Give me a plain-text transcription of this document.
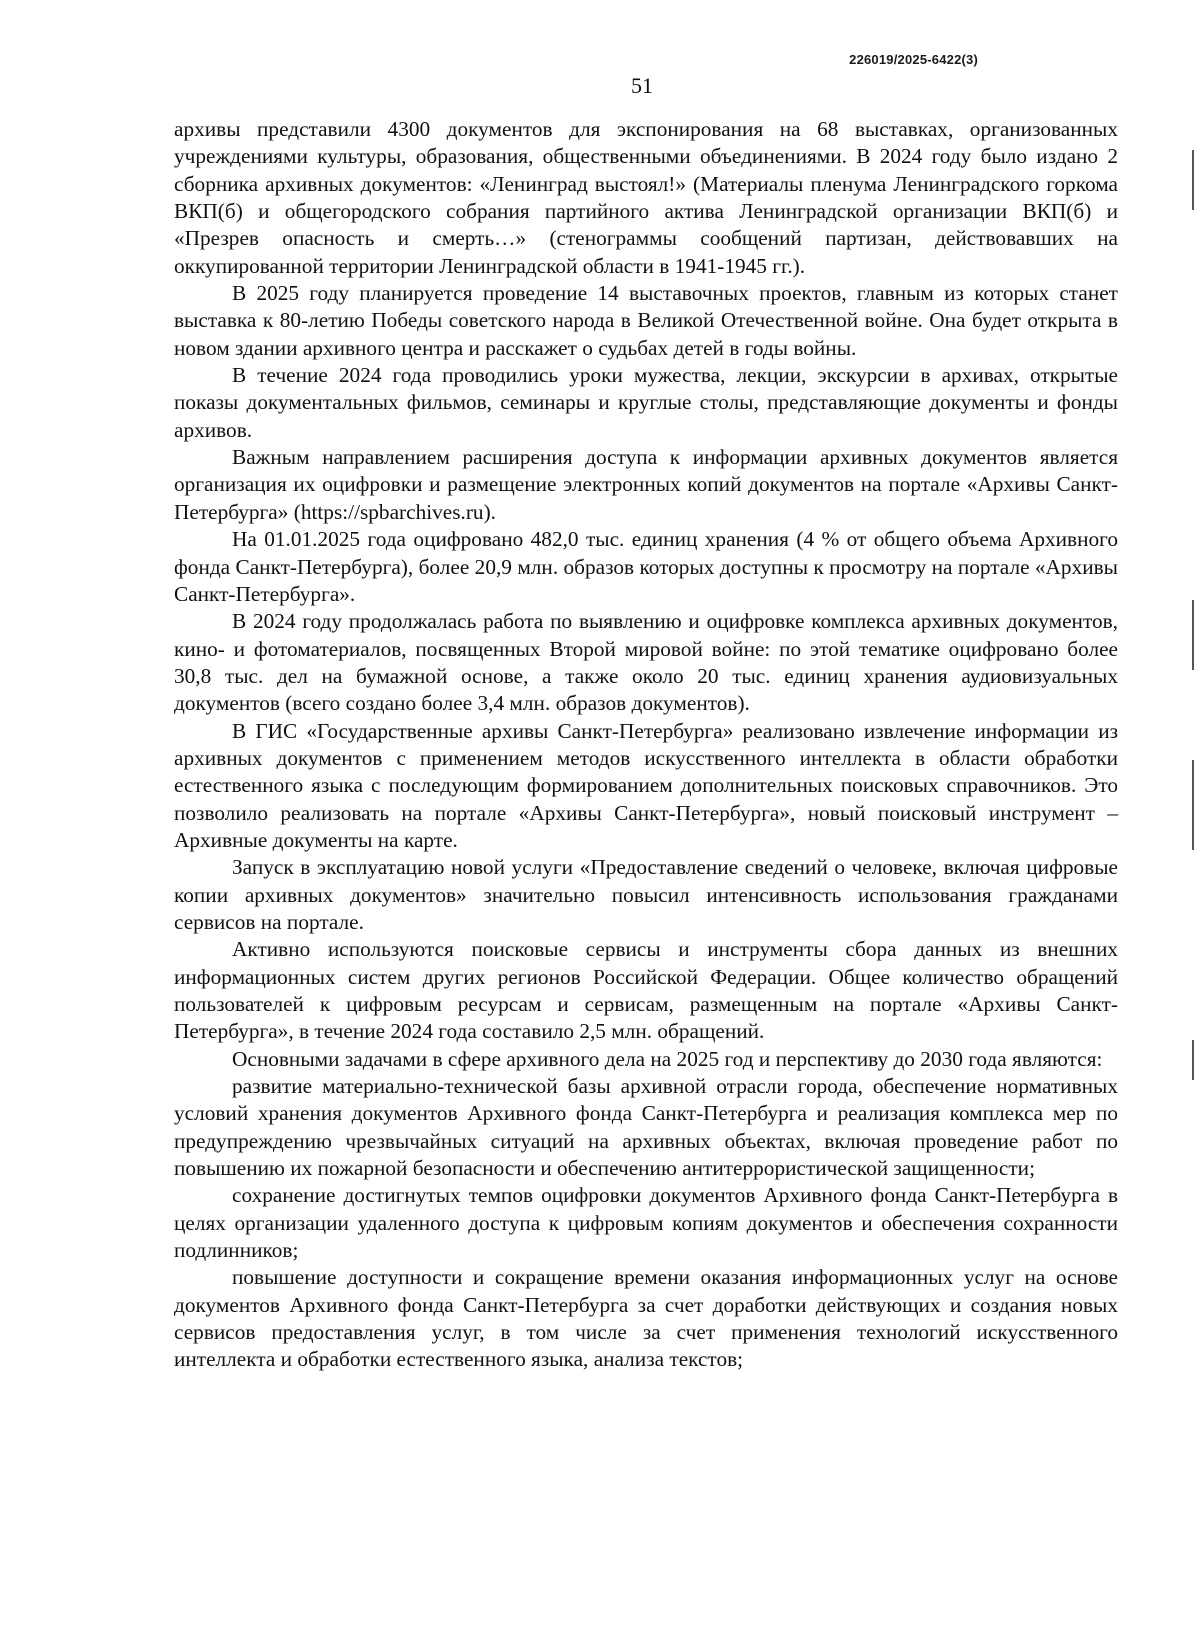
226019/2025-6422(3)
51

архивы представили 4300 документов для экспонирования на 68 выставках, организованных учреждениями культуры, образования, общественными объединениями. В 2024 году было издано 2 сборника архивных документов: «Ленинград выстоял!» (Материалы пленума Ленинградского горкома ВКП(б) и общегородского собрания партийного актива Ленинградской организации ВКП(б) и «Презрев опасность и смерть…» (стенограммы сообщений партизан, действовавших на оккупированной территории Ленинградской области в 1941-1945 гг.).

В 2025 году планируется проведение 14 выставочных проектов, главным из которых станет выставка к 80-летию Победы советского народа в Великой Отечественной войне. Она будет открыта в новом здании архивного центра и расскажет о судьбах детей в годы войны.

В течение 2024 года проводились уроки мужества, лекции, экскурсии в архивах, открытые показы документальных фильмов, семинары и круглые столы, представляющие документы и фонды архивов.

Важным направлением расширения доступа к информации архивных документов является организация их оцифровки и размещение электронных копий документов на портале «Архивы Санкт-Петербурга» (https://spbarchives.ru).

На 01.01.2025 года оцифровано 482,0 тыс. единиц хранения (4 % от общего объема Архивного фонда Санкт-Петербурга), более 20,9 млн. образов которых доступны к просмотру на портале «Архивы Санкт-Петербурга».

В 2024 году продолжалась работа по выявлению и оцифровке комплекса архивных документов, кино- и фотоматериалов, посвященных Второй мировой войне: по этой тематике оцифровано более 30,8 тыс. дел на бумажной основе, а также около 20 тыс. единиц хранения аудиовизуальных документов (всего создано более 3,4 млн. образов документов).

В ГИС «Государственные архивы Санкт-Петербурга» реализовано извлечение информации из архивных документов с применением методов искусственного интеллекта в области обработки естественного языка с последующим формированием дополнительных поисковых справочников. Это позволило реализовать на портале «Архивы Санкт-Петербурга», новый поисковый инструмент – Архивные документы на карте.

Запуск в эксплуатацию новой услуги «Предоставление сведений о человеке, включая цифровые копии архивных документов» значительно повысил интенсивность использования гражданами сервисов на портале.

Активно используются поисковые сервисы и инструменты сбора данных из внешних информационных систем других регионов Российской Федерации. Общее количество обращений пользователей к цифровым ресурсам и сервисам, размещенным на портале «Архивы Санкт-Петербурга», в течение 2024 года составило 2,5 млн. обращений.

Основными задачами в сфере архивного дела на 2025 год и перспективу до 2030 года являются:

развитие материально-технической базы архивной отрасли города, обеспечение нормативных условий хранения документов Архивного фонда Санкт-Петербурга и реализация комплекса мер по предупреждению чрезвычайных ситуаций на архивных объектах, включая проведение работ по повышению их пожарной безопасности и обеспечению антитеррористической защищенности;

сохранение достигнутых темпов оцифровки документов Архивного фонда Санкт-Петербурга в целях организации удаленного доступа к цифровым копиям документов и обеспечения сохранности подлинников;

повышение доступности и сокращение времени оказания информационных услуг на основе документов Архивного фонда Санкт-Петербурга за счет доработки действующих и создания новых сервисов предоставления услуг, в том числе за счет применения технологий искусственного интеллекта и обработки естественного языка, анализа текстов;
